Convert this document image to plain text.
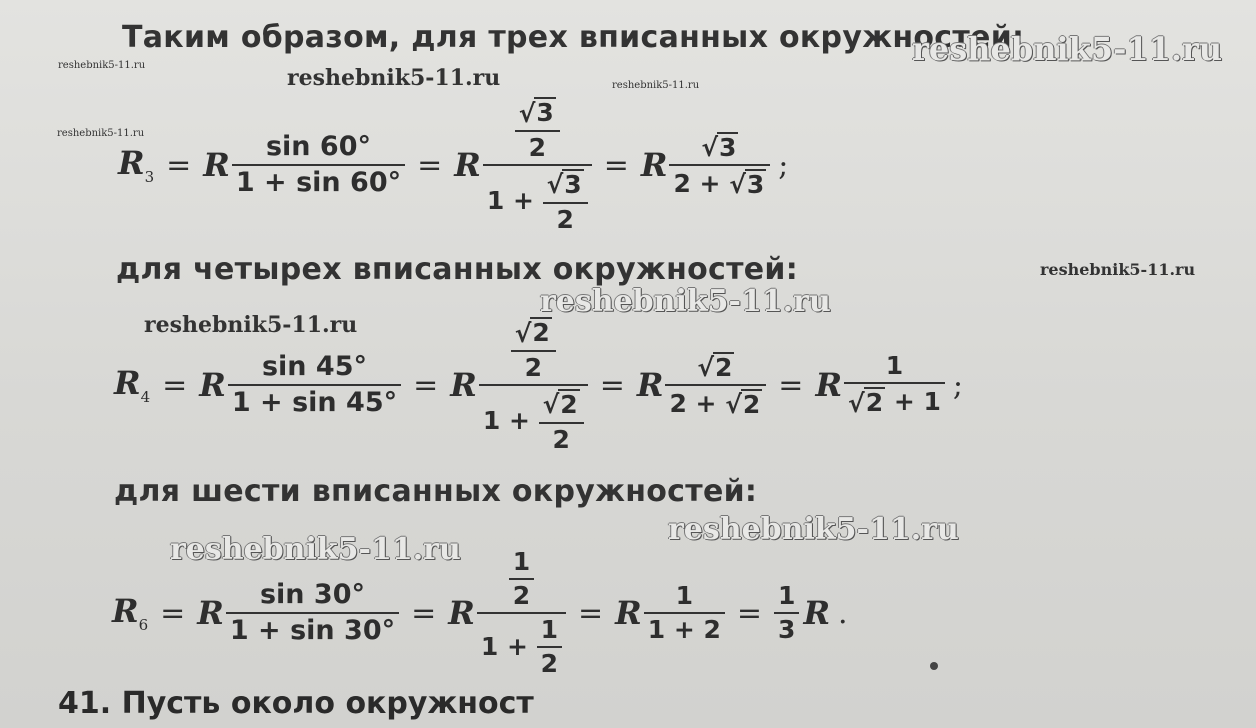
Таким образом, для трех вписанных окружностей:
reshebnik5-11.ru
reshebnik5-11.ru	reshebnik5-11.ru	reshebnik5-11.ru
reshebnik5-11.ru
$R_3 = R \frac{\sin 60^\circ}{1 + \sin 60^\circ} = R \frac{√ 3}{2}$
1 +
$\frac{√ 3}{2} = R$ √ 3
2 +
√ 3 ;
для четырех вписанных окружностей:	reshebnik5-11.ru
reshebnik5-11.ru
reshebnik5-11.ru
$R_4 = R \frac{\sin 45^\circ}{1 + \sin 45^\circ} = R \frac{√ 2}{2}$
1 +
$\frac{√ 2}{2} = R$ √ 2
2 +
√ 2 = R 1
√ 2
+ 1 ;
для шести вписанных окружностей:
reshebnik5-11.ru
reshebnik5-11.ru
$R_6 = R \frac{\sin 30^\circ}{1 + \sin 30^\circ} = R \frac{1}{2}$
1 +
$\frac{1}{2} = R \frac{1}{1 + 2} = \frac{1}{3}$ R .
41. Пусть около окружност
